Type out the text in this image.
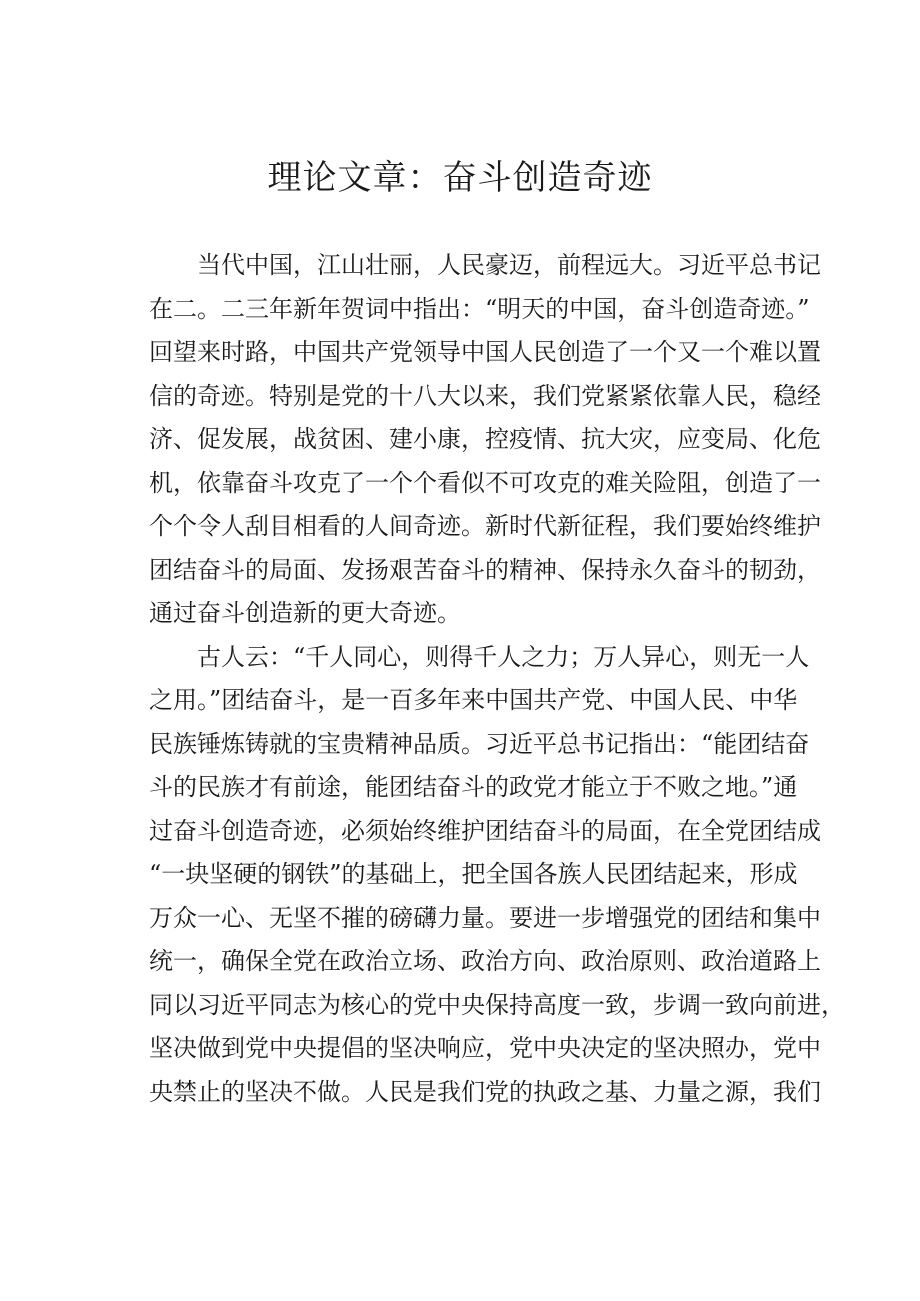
理论文章：奋斗创造奇迹
当代中国，江山壮丽，人民豪迈，前程远大。习近平总书记
在二。二三年新年贺词中指出：“明天的中国，奋斗创造奇迹。”
回望来时路，中国共产党领导中国人民创造了一个又一个难以置
信的奇迹。特别是党的十八大以来，我们党紧紧依靠人民，稳经
济、促发展，战贫困、建小康，控疫情、抗大灾，应变局、化危
机，依靠奋斗攻克了一个个看似不可攻克的难关险阻，创造了一
个个令人刮目相看的人间奇迹。新时代新征程，我们要始终维护
团结奋斗的局面、发扬艰苦奋斗的精神、保持永久奋斗的韧劲，
通过奋斗创造新的更大奇迹。
古人云：“千人同心，则得千人之力；万人异心，则无一人
之用。”团结奋斗，是一百多年来中国共产党、中国人民、中华
民族锤炼铸就的宝贵精神品质。习近平总书记指出：“能团结奋
斗的民族才有前途，能团结奋斗的政党才能立于不败之地。”通
过奋斗创造奇迹，必须始终维护团结奋斗的局面，在全党团结成
“一块坚硬的钢铁”的基础上，把全国各族人民团结起来，形成
万众一心、无坚不摧的磅礴力量。要进一步增强党的团结和集中
统一，确保全党在政治立场、政治方向、政治原则、政治道路上
同以习近平同志为核心的党中央保持高度一致，步调一致向前进，
坚决做到党中央提倡的坚决响应，党中央决定的坚决照办，党中
央禁止的坚决不做。人民是我们党的执政之基、力量之源，我们
